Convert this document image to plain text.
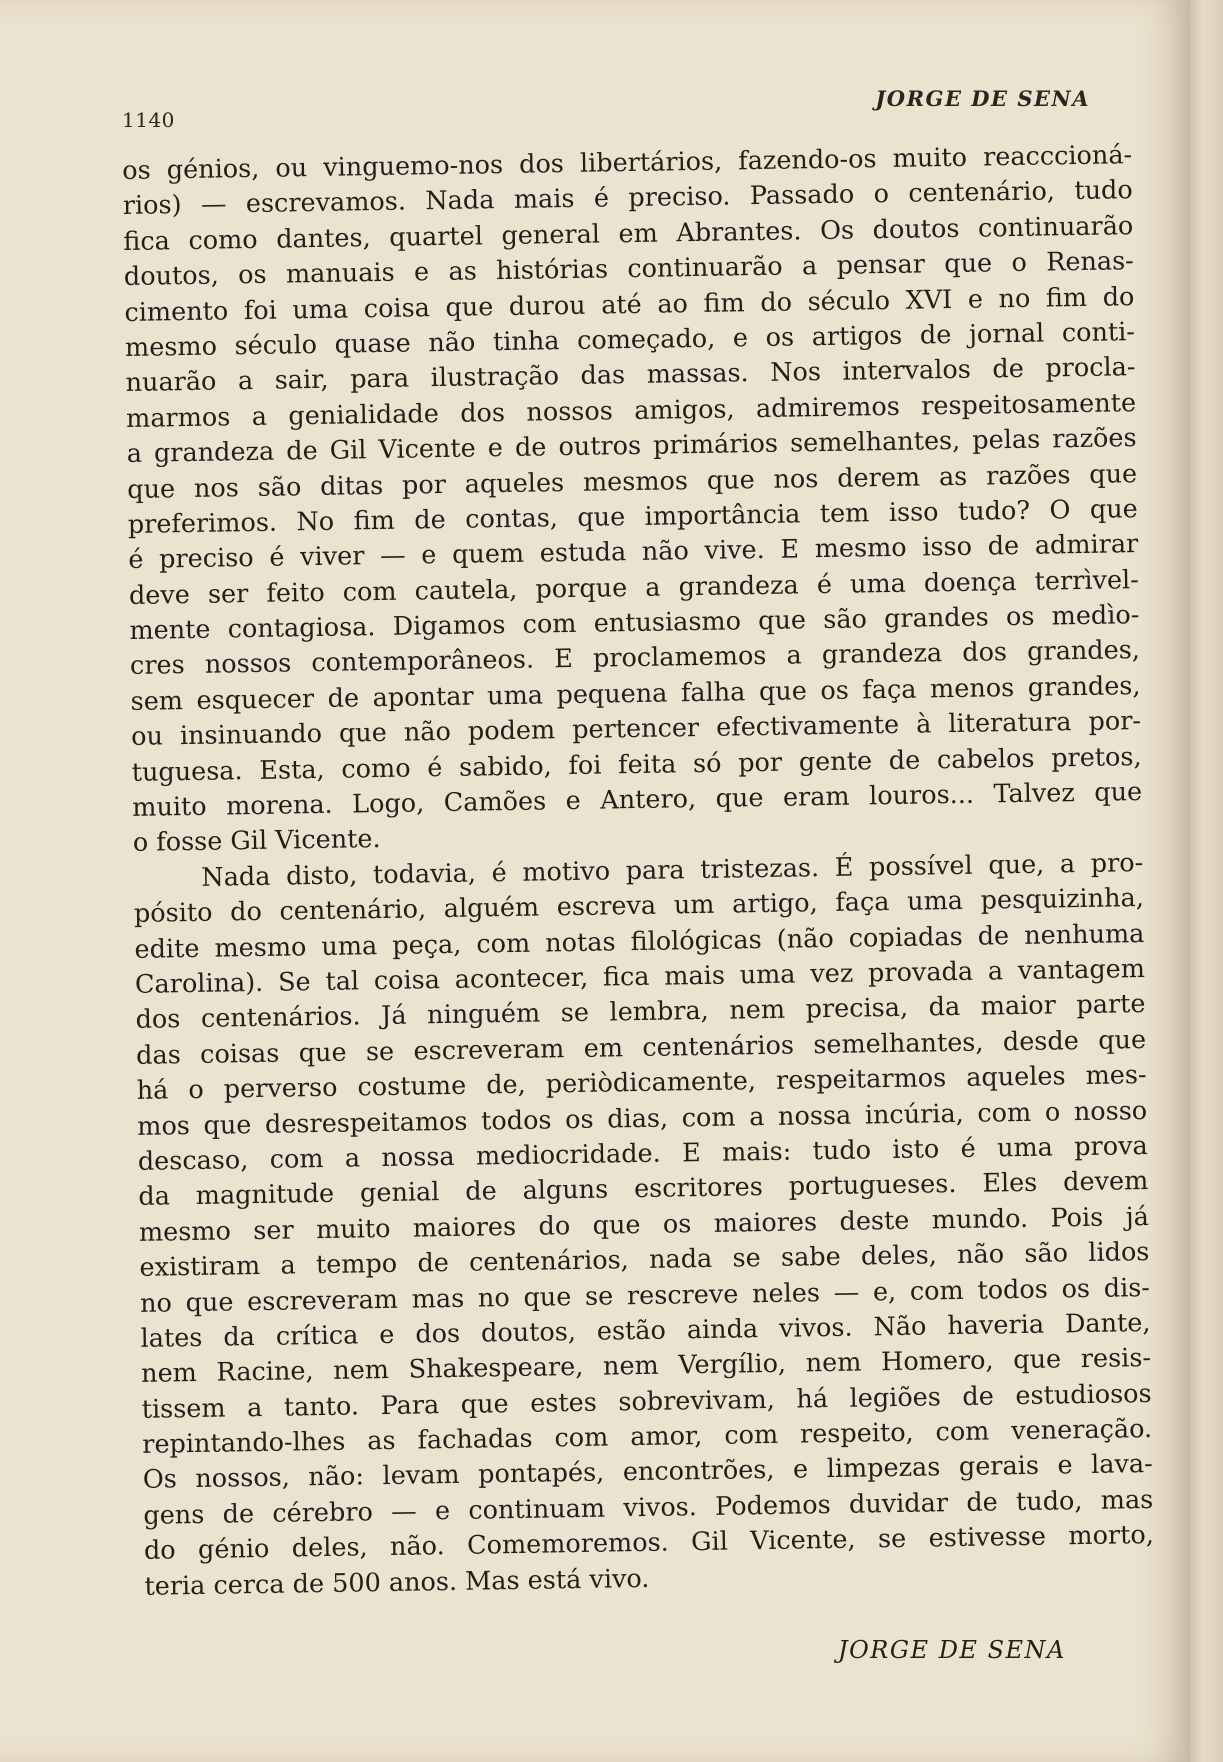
1140
JORGE DE SENA
os génios, ou vinguemo-nos dos libertários, fazendo-os muito reacccioná-
rios) — escrevamos. Nada mais é preciso. Passado o centenário, tudo
fica como dantes, quartel general em Abrantes. Os doutos continuarão
doutos, os manuais e as histórias continuarão a pensar que o Renas-
cimento foi uma coisa que durou até ao fim do século XVI e no fim do
mesmo século quase não tinha começado, e os artigos de jornal conti-
nuarão a sair, para ilustração das massas. Nos intervalos de procla-
marmos a genialidade dos nossos amigos, admiremos respeitosamente
a grandeza de Gil Vicente e de outros primários semelhantes, pelas razões
que nos são ditas por aqueles mesmos que nos derem as razões que
preferimos. No fim de contas, que importância tem isso tudo? O que
é preciso é viver — e quem estuda não vive. E mesmo isso de admirar
deve ser feito com cautela, porque a grandeza é uma doença terrìvel-
mente contagiosa. Digamos com entusiasmo que são grandes os medìo-
cres nossos contemporâneos. E proclamemos a grandeza dos grandes,
sem esquecer de apontar uma pequena falha que os faça menos grandes,
ou insinuando que não podem pertencer efectivamente à literatura por-
tuguesa. Esta, como é sabido, foi feita só por gente de cabelos pretos,
muito morena. Logo, Camões e Antero, que eram louros... Talvez que
o fosse Gil Vicente.
Nada disto, todavia, é motivo para tristezas. É possível que, a pro-
pósito do centenário, alguém escreva um artigo, faça uma pesquizinha,
edite mesmo uma peça, com notas filológicas (não copiadas de nenhuma
Carolina). Se tal coisa acontecer, fica mais uma vez provada a vantagem
dos centenários. Já ninguém se lembra, nem precisa, da maior parte
das coisas que se escreveram em centenários semelhantes, desde que
há o perverso costume de, periòdicamente, respeitarmos aqueles mes-
mos que desrespeitamos todos os dias, com a nossa incúria, com o nosso
descaso, com a nossa mediocridade. E mais: tudo isto é uma prova
da magnitude genial de alguns escritores portugueses. Eles devem
mesmo ser muito maiores do que os maiores deste mundo. Pois já
existiram a tempo de centenários, nada se sabe deles, não são lidos
no que escreveram mas no que se rescreve neles — e, com todos os dis-
lates da crítica e dos doutos, estão ainda vivos. Não haveria Dante,
nem Racine, nem Shakespeare, nem Vergílio, nem Homero, que resis-
tissem a tanto. Para que estes sobrevivam, há legiões de estudiosos
repintando-lhes as fachadas com amor, com respeito, com veneração.
Os nossos, não: levam pontapés, encontrões, e limpezas gerais e lava-
gens de cérebro — e continuam vivos. Podemos duvidar de tudo, mas
do génio deles, não. Comemoremos. Gil Vicente, se estivesse morto,
teria cerca de 500 anos. Mas está vivo.
JORGE DE SENA
